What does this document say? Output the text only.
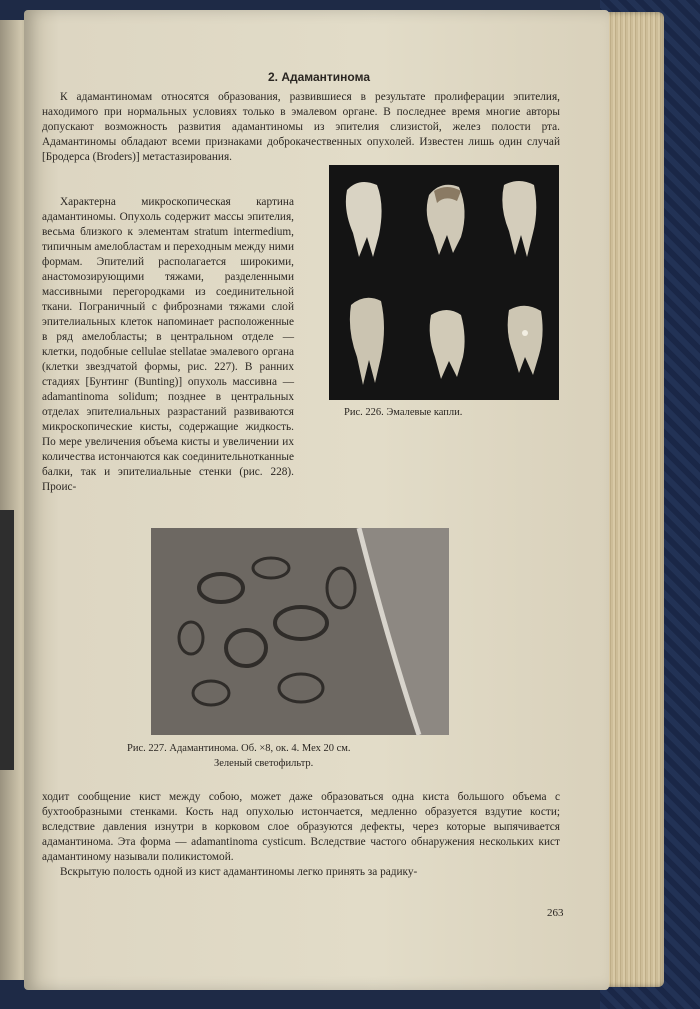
2. Адамантинома

К адамантиномам относятся образования, развившиеся в результате пролиферации эпителия, находимого при нормальных условиях только в эмалевом органе. В последнее время многие авторы допускают возможность развития адамантиномы из эпителия слизистой, желез полости рта. Адамантиномы обладают всеми признаками доброкачественных опухолей. Известен лишь один случай [Бродерса (Broders)] метастазирования.

Характерна микроскопическая картина адамантиномы. Опухоль содержит массы эпителия, весьма близкого к элементам stratum intermedium, типичным амелобластам и переходным между ними формам. Эпителий располагается широкими, анастомозирующими тяжами, разделенными массивными перегородками из соединительной ткани. Пограничный с фибрознами тяжами слой эпителиальных клеток напоминает расположенные в ряд амелобласты; в центральном отделе — клетки, подобные cellulae stellatae эмалевого органа (клетки звездчатой формы, рис. 227). В ранних стадиях [Бунтинг (Bunting)] опухоль массивна — adamantinoma solidum; позднее в центральных отделах эпителиальных разрастаний развиваются микроскопические кисты, содержащие жидкость. По мере увеличения объема кисты и увеличении их количества истончаются как соединительнотканные балки, так и эпителиальные стенки (рис. 228). Проис-

Рис. 226. Эмалевые капли.
Рис. 227. Адамантинома. Об. ×8, ок. 4. Мех 20 см.
Зеленый светофильтр.

ходит сообщение кист между собою, может даже образоваться одна киста большого объема с бухтообразными стенками. Кость над опухолью истончается, медленно образуется вздутие кости; вследствие давления изнутри в корковом слое образуются дефекты, через которые выпячивается адамантинома. Эта форма — adamantinoma cysticum. Вследствие частого обнаружения нескольких кист адамантиному называли поликистомой.

Вскрытую полость одной из кист адамантиномы легко принять за радику-

263
